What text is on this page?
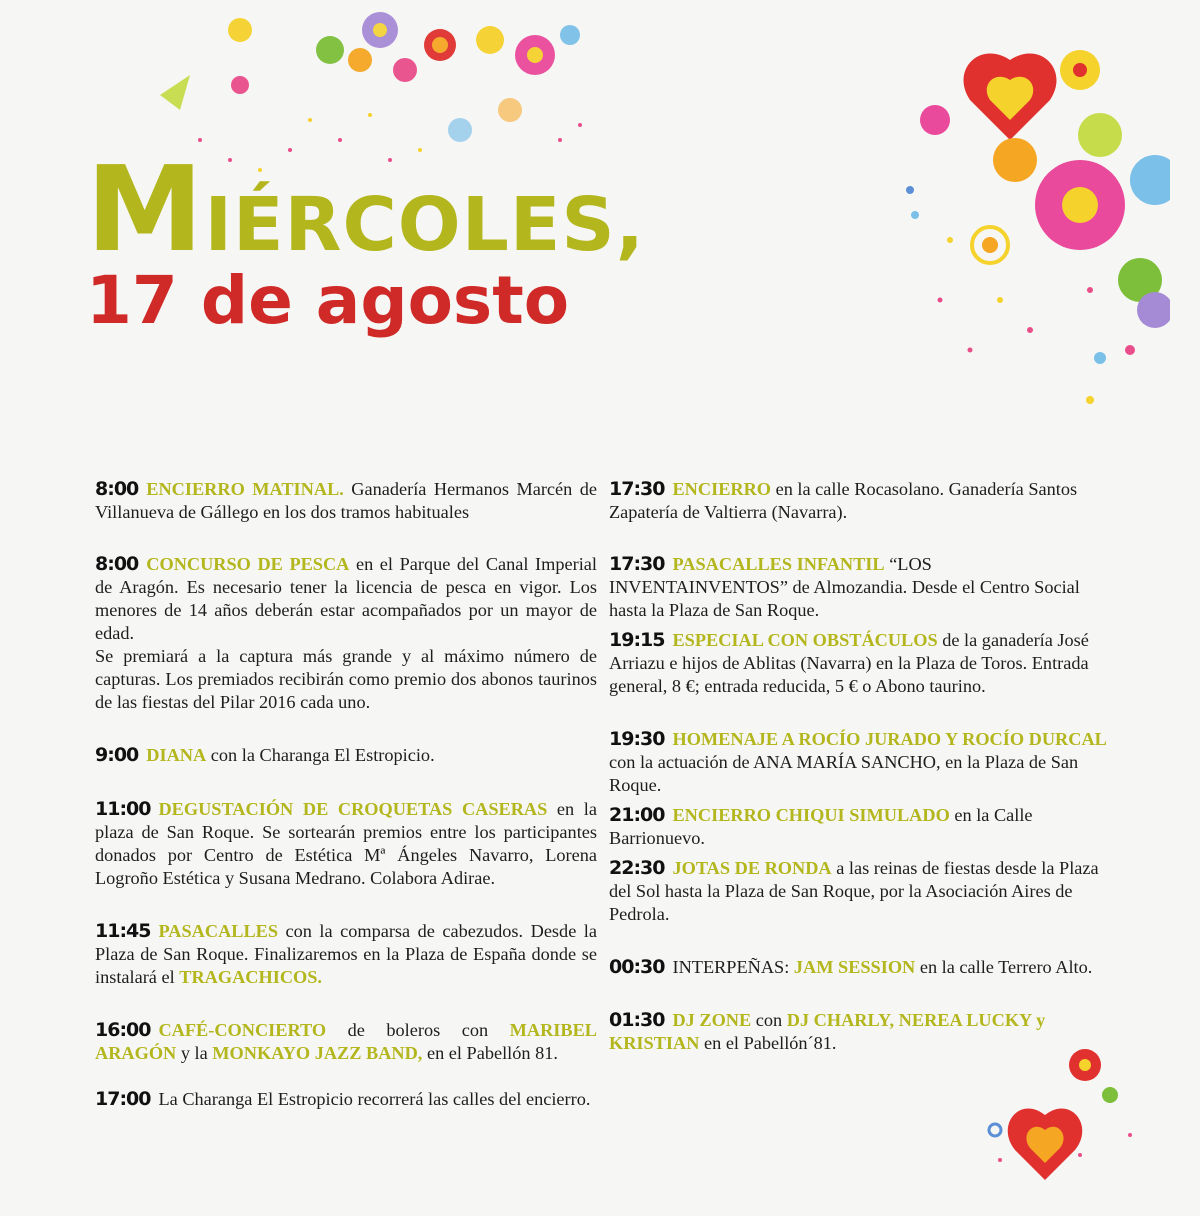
MIÉRCOLES,
17 de agosto
8:00 ENCIERRO MATINAL. Ganadería Hermanos Marcén de Villanueva de Gállego en los dos tramos habituales
8:00 CONCURSO DE PESCA en el Parque del Canal Imperial de Aragón. Es necesario tener la licencia de pesca en vigor. Los menores de 14 años deberán estar acompañados por un mayor de edad.
Se premiará a la captura más grande y al máximo número de capturas. Los premiados recibirán como premio dos abonos taurinos de las fiestas del Pilar 2016 cada uno.
9:00 DIANA con la Charanga El Estropicio.
11:00 DEGUSTACIÓN DE CROQUETAS CASERAS en la plaza de San Roque. Se sortearán premios entre los participantes donados por Centro de Estética Mª Ángeles Navarro, Lorena Logroño Estética y Susana Medrano. Colabora Adirae.
11:45 PASACALLES con la comparsa de cabezudos. Desde la Plaza de San Roque. Finalizaremos en la Plaza de España donde se instalará el TRAGACHICOS.
16:00 CAFÉ-CONCIERTO de boleros con MARIBEL ARAGÓN y la MONKAYO JAZZ BAND, en el Pabellón 81.
17:00 La Charanga El Estropicio recorrerá las calles del encierro.
17:30 ENCIERRO en la calle Rocasolano. Ganadería Santos Zapatería de Valtierra (Navarra).
17:30 PASACALLES INFANTIL “LOS INVENTAINVENTOS” de Almozandia. Desde el Centro Social hasta la Plaza de San Roque.
19:15 ESPECIAL CON OBSTÁCULOS de la ganadería José Arriazu e hijos de Ablitas (Navarra) en la Plaza de Toros. Entrada general, 8 €; entrada reducida, 5 € o Abono taurino.
19:30 HOMENAJE A ROCÍO JURADO Y ROCÍO DURCAL con la actuación de ANA MARÍA SANCHO, en la Plaza de San Roque.
21:00 ENCIERRO CHIQUI SIMULADO en la Calle Barrionuevo.
22:30 JOTAS DE RONDA a las reinas de fiestas desde la Plaza del Sol hasta la Plaza de San Roque, por la Asociación Aires de Pedrola.
00:30 INTERPEÑAS: JAM SESSION en la calle Terrero Alto.
01:30 DJ ZONE con DJ CHARLY, NEREA LUCKY y KRISTIAN en el Pabellón´81.
